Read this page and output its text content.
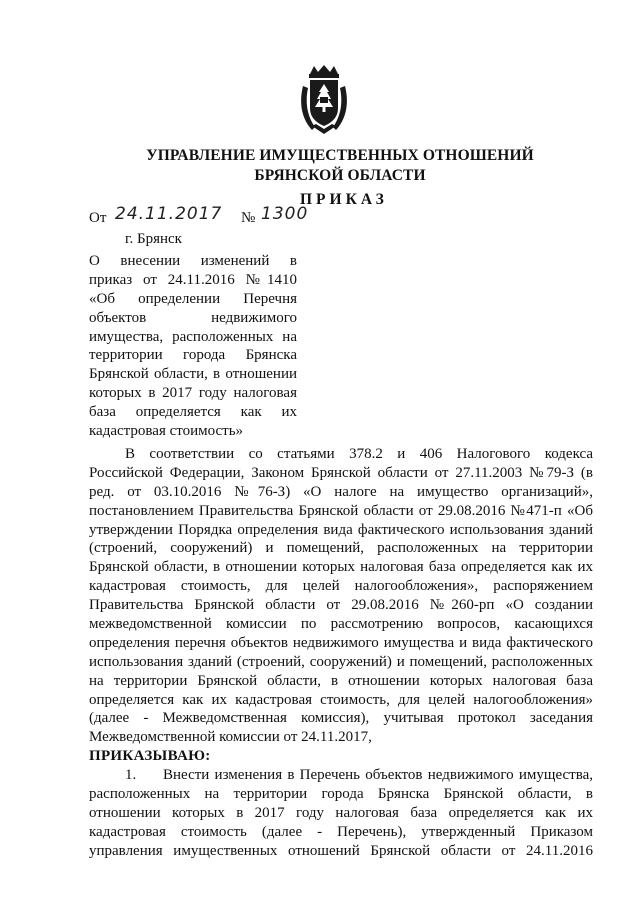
УПРАВЛЕНИЕ ИМУЩЕСТВЕННЫХ ОТНОШЕНИЙ
БРЯНСКОЙ ОБЛАСТИ
ПРИКАЗ
От 24.11.2017 № 1300
г. Брянск
О внесении изменений в
приказ от 24.11.2016 №1410
«Об определении Перечня
объектов недвижимого
имущества, расположенных на
территории города Брянска
Брянской области, в отношении
которых в 2017 году налоговая
база определяется как их
кадастровая стоимость»
В соответствии со статьями 378.2 и 406 Налогового кодекса
Российской Федерации, Законом Брянской области от 27.11.2003 №79-З (в
ред. от 03.10.2016 №76-З) «О налоге на имущество организаций»,
постановлением Правительства Брянской области от 29.08.2016 №471-п «Об
утверждении Порядка определения вида фактического использования зданий
(строений, сооружений) и помещений, расположенных на территории
Брянской области, в отношении которых налоговая база определяется как их
кадастровая стоимость, для целей налогообложения», распоряжением
Правительства Брянской области от 29.08.2016 №260-рп «О создании
межведомственной комиссии по рассмотрению вопросов, касающихся
определения перечня объектов недвижимого имущества и вида фактического
использования зданий (строений, сооружений) и помещений, расположенных
на территории Брянской области, в отношении которых налоговая база
определяется как их кадастровая стоимость, для целей налогообложения»
(далее - Межведомственная комиссия), учитывая протокол заседания
Межведомственной комиссии от 24.11.2017,
ПРИКАЗЫВАЮ:
1.	Внести изменения в Перечень объектов недвижимого имущества,
расположенных на территории города Брянска Брянской области, в
отношении которых в 2017 году налоговая база определяется как их
кадастровая стоимость (далее - Перечень), утвержденный Приказом
управления имущественных отношений Брянской области от 24.11.2016
